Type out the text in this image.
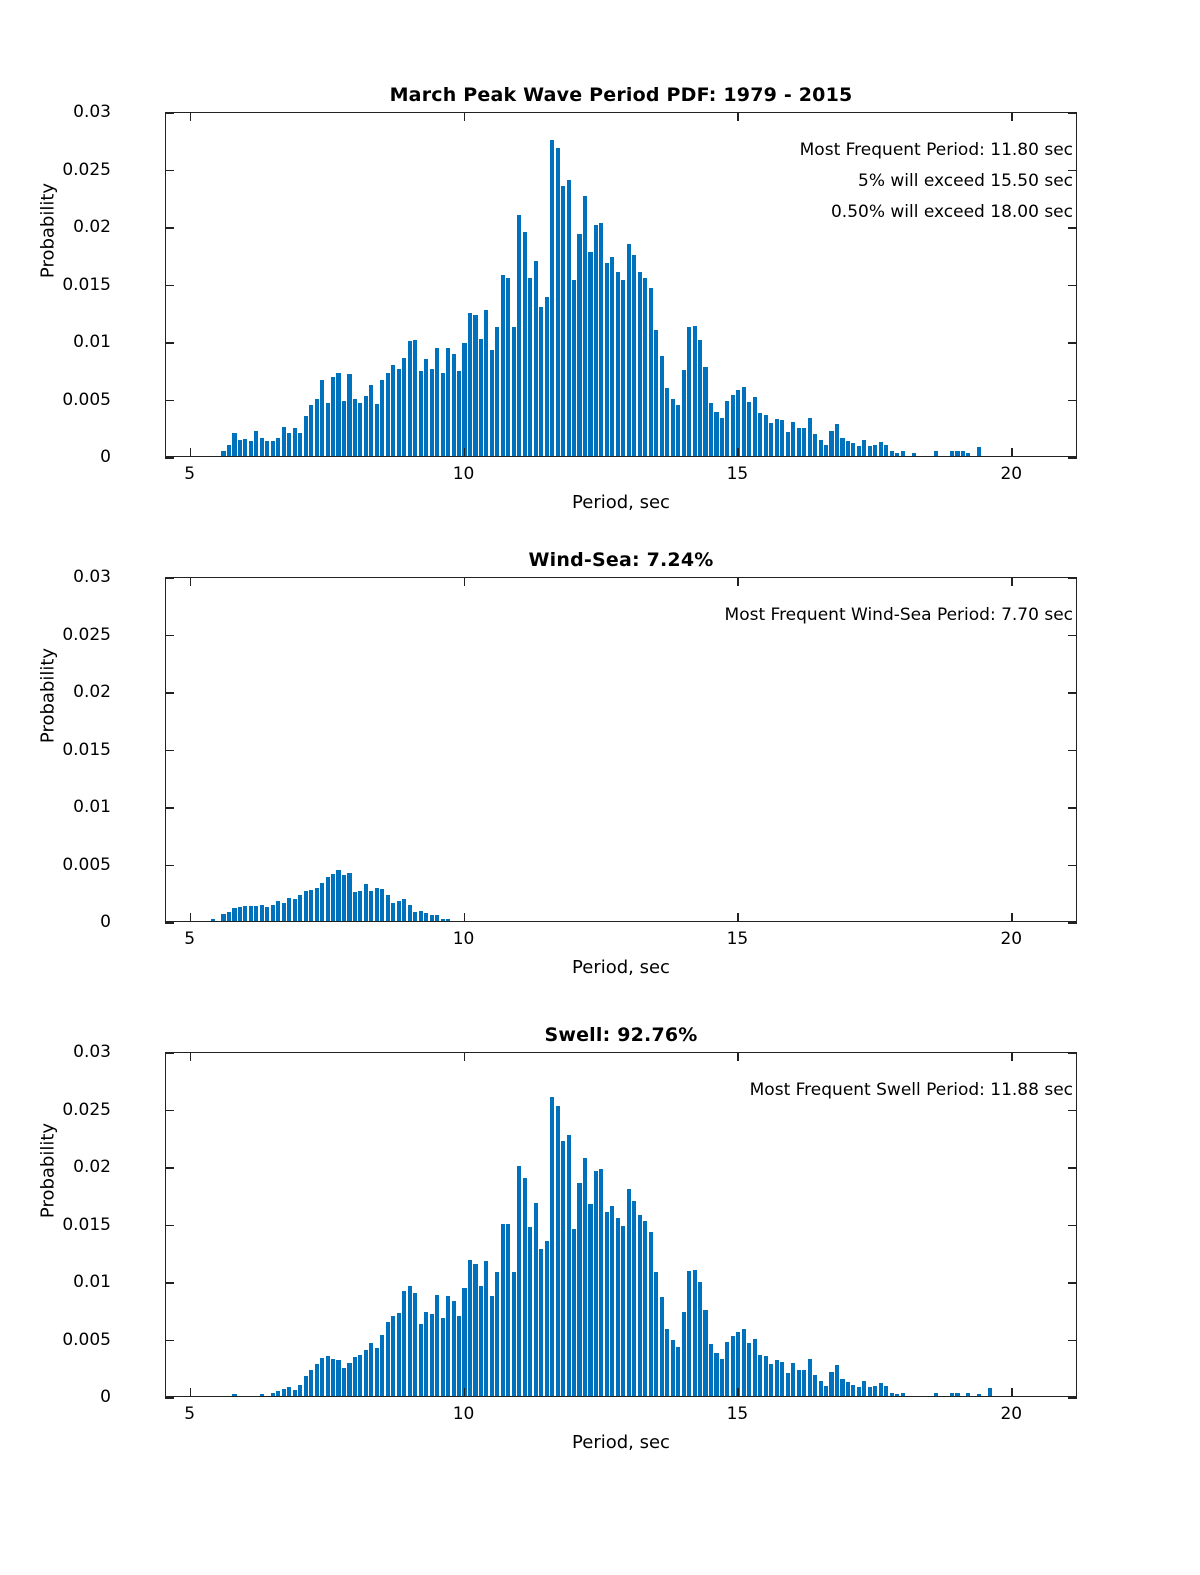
March Peak Wave Period PDF: 1979 - 2015
Probability
0
0.005
0.01
0.015
0.02
0.025
0.03
5	10	15	20
Most Frequent Period: 11.80 sec
5% will exceed 15.50 sec
0.50% will exceed 18.00 sec
Period, sec
Wind-Sea: 7.24%
Probability
0
0.005
0.01
0.015
0.02
0.025
0.03
5	10	15	20
Most Frequent Wind-Sea Period: 7.70 sec
Period, sec
Swell: 92.76%
Probability
0
0.005
0.01
0.015
0.02
0.025
0.03
5	10	15	20
Most Frequent Swell Period: 11.88 sec
Period, sec
